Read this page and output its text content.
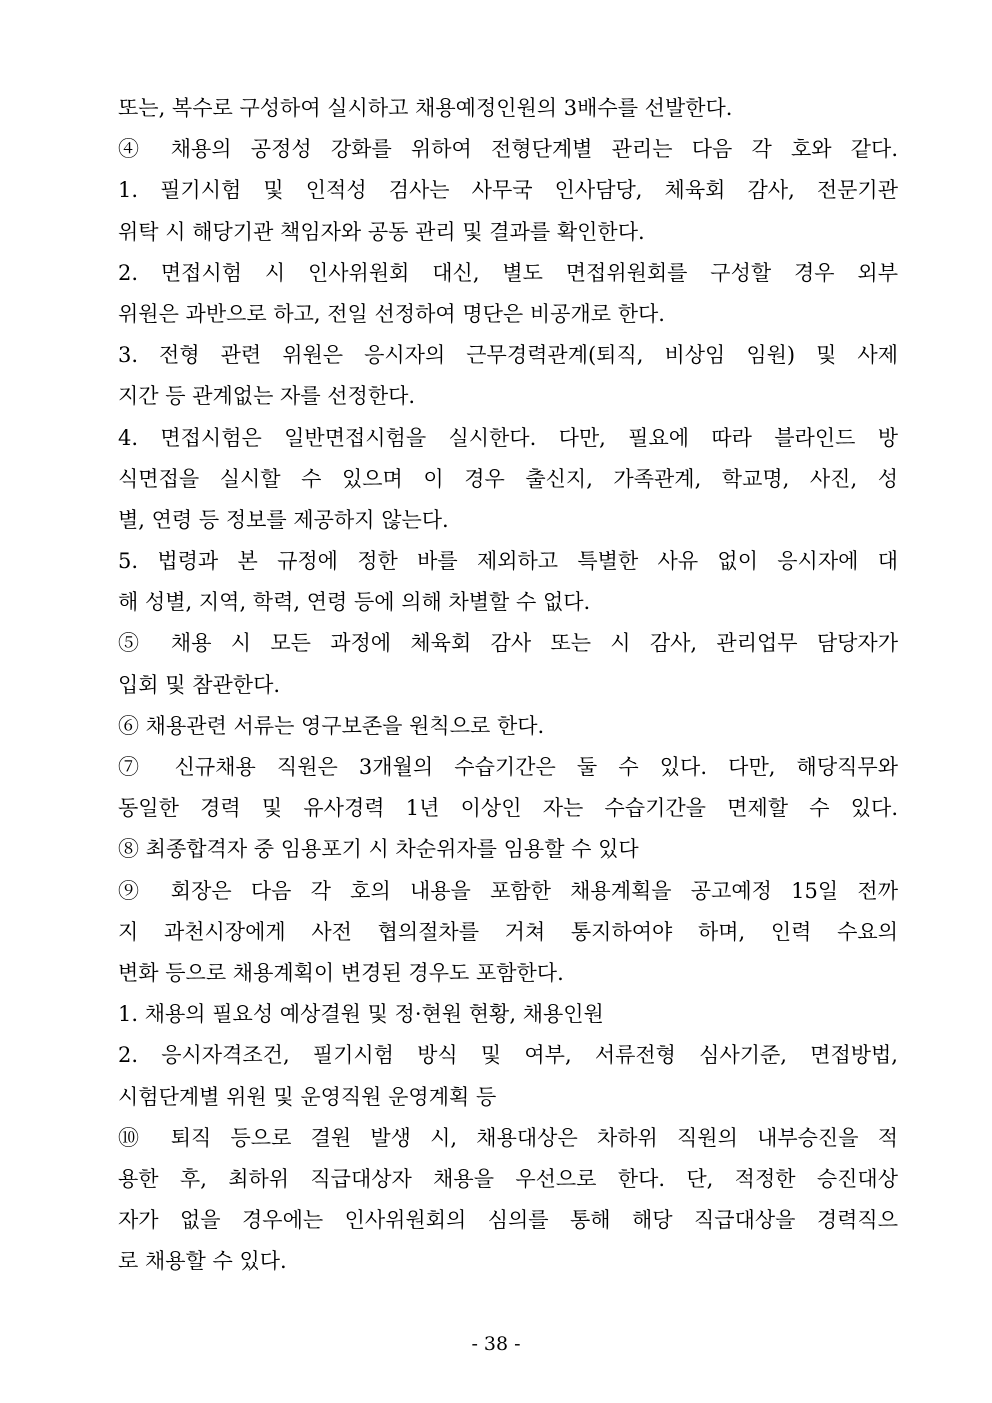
또는, 복수로 구성하여 실시하고 채용예정인원의 3배수를 선발한다.
④ 채용의 공정성 강화를 위하여 전형단계별 관리는 다음 각 호와 같다.
1. 필기시험 및 인적성 검사는 사무국 인사담당, 체육회 감사, 전문기관
위탁 시 해당기관 책임자와 공동 관리 및 결과를 확인한다.
2. 면접시험 시 인사위원회 대신, 별도 면접위원회를 구성할 경우 외부
위원은 과반으로 하고, 전일 선정하여 명단은 비공개로 한다.
3. 전형 관련 위원은 응시자의 근무경력관계(퇴직, 비상임 임원) 및 사제
지간 등 관계없는 자를 선정한다.
4. 면접시험은 일반면접시험을 실시한다. 다만, 필요에 따라 블라인드 방
식면접을 실시할 수 있으며 이 경우 출신지, 가족관계, 학교명, 사진, 성
별, 연령 등 정보를 제공하지 않는다.
5. 법령과 본 규정에 정한 바를 제외하고 특별한 사유 없이 응시자에 대
해 성별, 지역, 학력, 연령 등에 의해 차별할 수 없다.
⑤ 채용 시 모든 과정에 체육회 감사 또는 시 감사, 관리업무 담당자가
입회 및 참관한다.
⑥ 채용관련 서류는 영구보존을 원칙으로 한다.
⑦ 신규채용 직원은 3개월의 수습기간은 둘 수 있다. 다만, 해당직무와
동일한 경력 및 유사경력 1년 이상인 자는 수습기간을 면제할 수 있다.
⑧ 최종합격자 중 임용포기 시 차순위자를 임용할 수 있다
⑨ 회장은 다음 각 호의 내용을 포함한 채용계획을 공고예정 15일 전까
지 과천시장에게 사전 협의절차를 거쳐 통지하여야 하며, 인력 수요의
변화 등으로 채용계획이 변경된 경우도 포함한다.
1. 채용의 필요성 예상결원 및 정·현원 현황, 채용인원
2. 응시자격조건, 필기시험 방식 및 여부, 서류전형 심사기준, 면접방법,
시험단계별 위원 및 운영직원 운영계획 등
⑩ 퇴직 등으로 결원 발생 시, 채용대상은 차하위 직원의 내부승진을 적
용한 후, 최하위 직급대상자 채용을 우선으로 한다. 단, 적정한 승진대상
자가 없을 경우에는 인사위원회의 심의를 통해 해당 직급대상을 경력직으
로 채용할 수 있다.
- 38 -
